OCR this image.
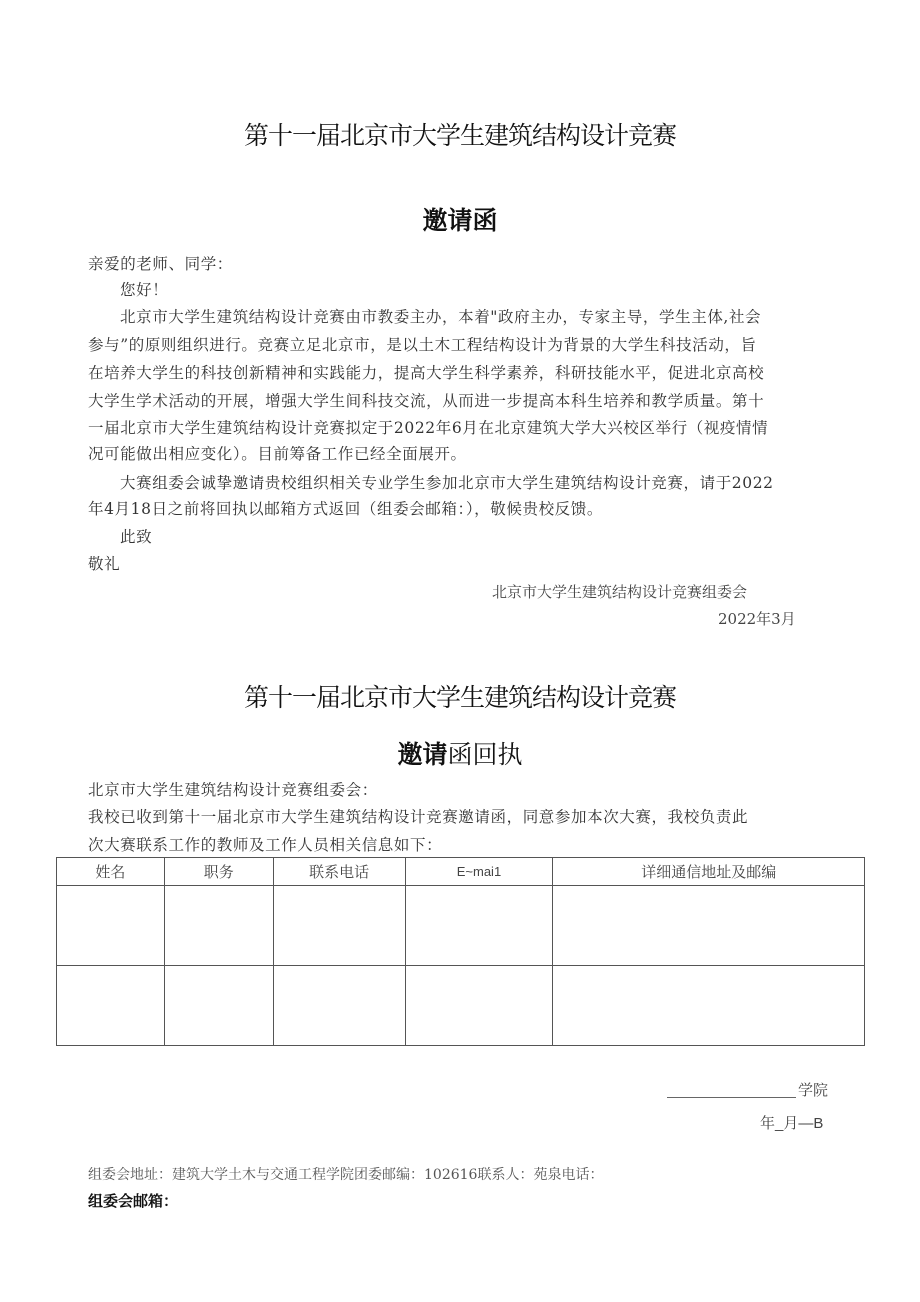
第十一届北京市大学生建筑结构设计竞赛
邀请函
亲爱的老师、同学：
您好！
北京市大学生建筑结构设计竞赛由市教委主办，本着"政府主办，专家主导，学生主体,社会
参与”的原则组织进行。竞赛立足北京市，是以土木工程结构设计为背景的大学生科技活动，旨
在培养大学生的科技创新精神和实践能力，提高大学生科学素养，科研技能水平，促进北京高校
大学生学术活动的开展，增强大学生间科技交流，从而进一步提高本科生培养和教学质量。第十
一届北京市大学生建筑结构设计竞赛拟定于2022年6月在北京建筑大学大兴校区举行（视疫情情
况可能做出相应变化）。目前筹备工作已经全面展开。
大赛组委会诚挚邀请贵校组织相关专业学生参加北京市大学生建筑结构设计竞赛，请于2022
年4月18日之前将回执以邮箱方式返回（组委会邮箱：），敬候贵校反馈。
此致
敬礼
北京市大学生建筑结构设计竞赛组委会
2022年3月
第十一届北京市大学生建筑结构设计竞赛
邀请函回执
北京市大学生建筑结构设计竞赛组委会：
我校已收到第十一届北京市大学生建筑结构设计竞赛邀请函，同意参加本次大赛，我校负责此
次大赛联系工作的教师及工作人员相关信息如下：
姓名	职务	联系电话	E~mai1	详细通信地址及邮编

学院
年_月—B
组委会地址：建筑大学土木与交通工程学院团委邮编：102616联系人：苑泉电话：
组委会邮箱：
